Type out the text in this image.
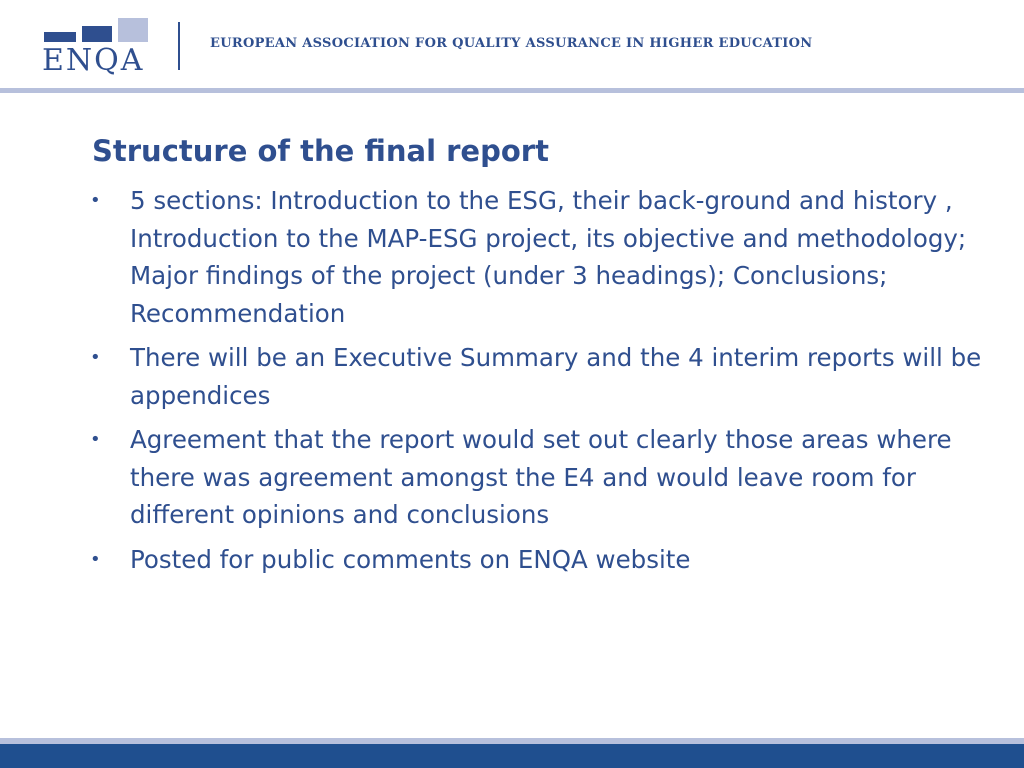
ENQA	EUROPEAN ASSOCIATION FOR QUALITY ASSURANCE IN HIGHER EDUCATION
Structure of the final report
•	5 sections: Introduction to the ESG, their back-ground and history , Introduction to the MAP-ESG project, its objective and methodology; Major findings of the project (under 3 headings); Conclusions; Recommendation
•	There will be an Executive Summary and the 4 interim reports will be appendices
•	Agreement that the report would set out clearly those areas where there was agreement amongst the E4 and would leave room for different opinions and conclusions
•	Posted for public comments on ENQA website
